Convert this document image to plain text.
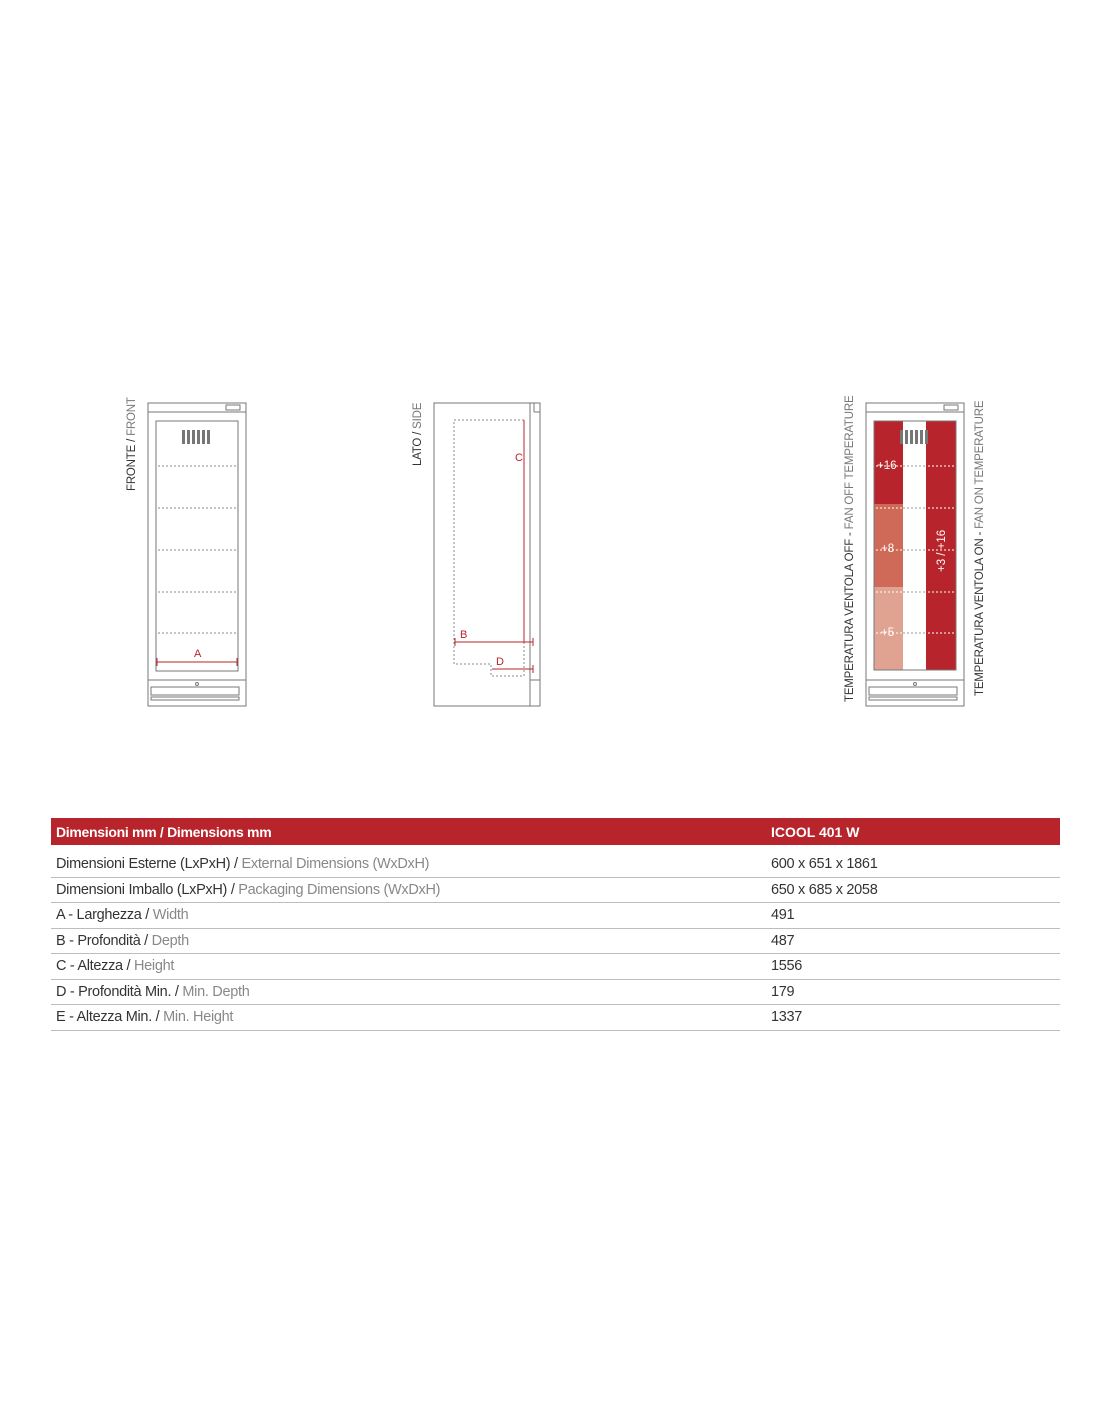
FRONTE / FRONT
A
C
B
D
+16
+8
+5
+3 / +16
LATO / SIDE
TEMPERATURA VENTOLA OFF - FAN OFF TEMPERATURE
TEMPERATURA VENTOLA ON - FAN ON TEMPERATURE
Dimensioni mm / Dimensions mm	ICOOL 401 W
Dimensioni Esterne (LxPxH) / External Dimensions (WxDxH)	600 x 651 x 1861
Dimensioni Imballo (LxPxH) / Packaging Dimensions (WxDxH)	650 x 685 x 2058
A - Larghezza / Width	491
B - Profondità / Depth	487
C - Altezza / Height	1556
D - Profondità Min. / Min. Depth	179
E - Altezza Min. / Min. Height	1337
